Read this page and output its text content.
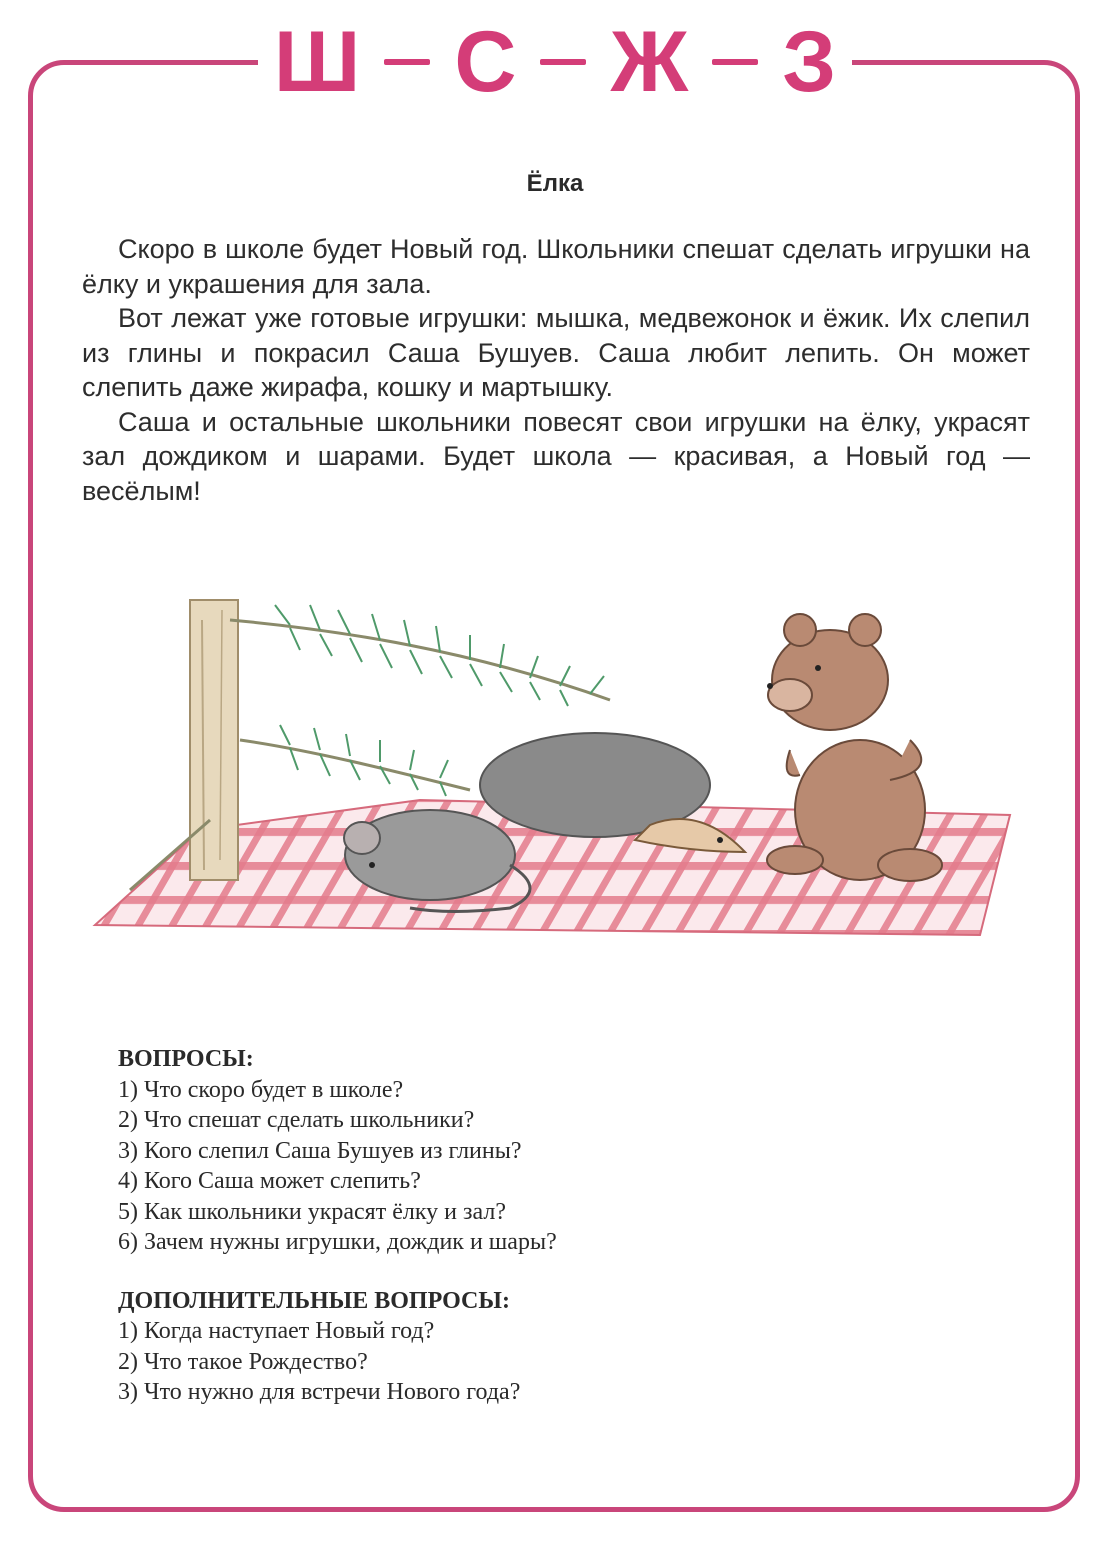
Ш С Ж З
Ёлка

Скоро в школе будет Новый год. Школьники спешат сделать игрушки на ёлку и украшения для зала.

Вот лежат уже готовые игрушки: мышка, медвежонок и ёжик. Их слепил из глины и покрасил Саша Бушуев. Саша любит лепить. Он может слепить даже жирафа, кошку и мартышку.

Саша и остальные школьники повесят свои игрушки на ёлку, украсят зал дождиком и шарами. Будет школа — красивая, а Новый год — весёлым!

ВОПРОСЫ:

1) Что скоро будет в школе?
2) Что спешат сделать школьники?
3) Кого слепил Саша Бушуев из глины?
4) Кого Саша может слепить?
5) Как школьники украсят ёлку и зал?
6) Зачем нужны игрушки, дождик и шары?

ДОПОЛНИТЕЛЬНЫЕ ВОПРОСЫ:

1) Когда наступает Новый год?
2) Что такое Рождество?
3) Что нужно для встречи Нового года?
